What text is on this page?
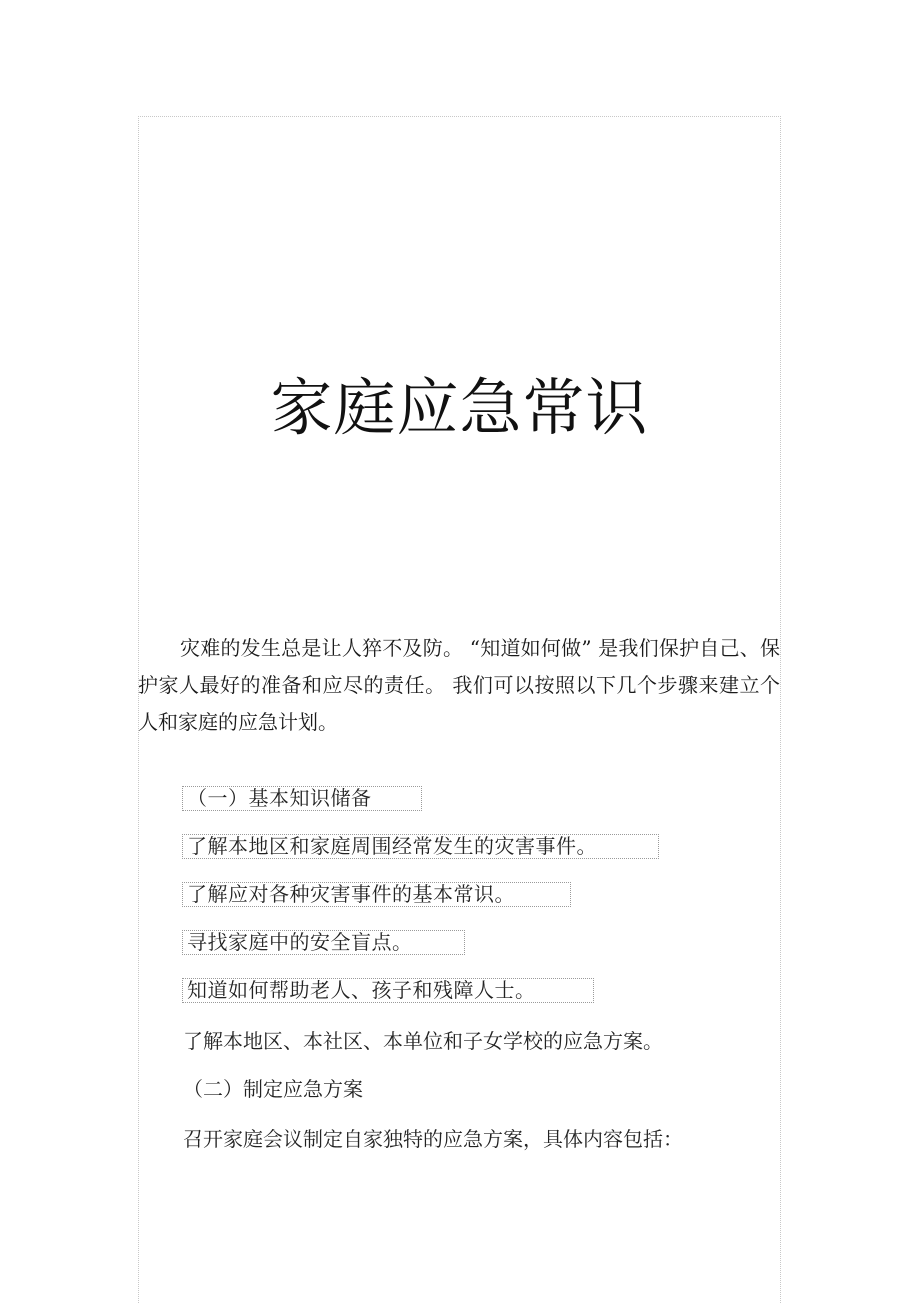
家庭应急常识

灾难的发生总是让人猝不及防。 “知道如何做” 是我们保护自己、保护家人最好的准备和应尽的责任。 我们可以按照以下几个步骤来建立个人和家庭的应急计划。

（一）基本知识储备
了解本地区和家庭周围经常发生的灾害事件。
了解应对各种灾害事件的基本常识。
寻找家庭中的安全盲点。
知道如何帮助老人、孩子和残障人士。
了解本地区、本社区、本单位和子女学校的应急方案。
（二）制定应急方案
召开家庭会议制定自家独特的应急方案，具体内容包括：
